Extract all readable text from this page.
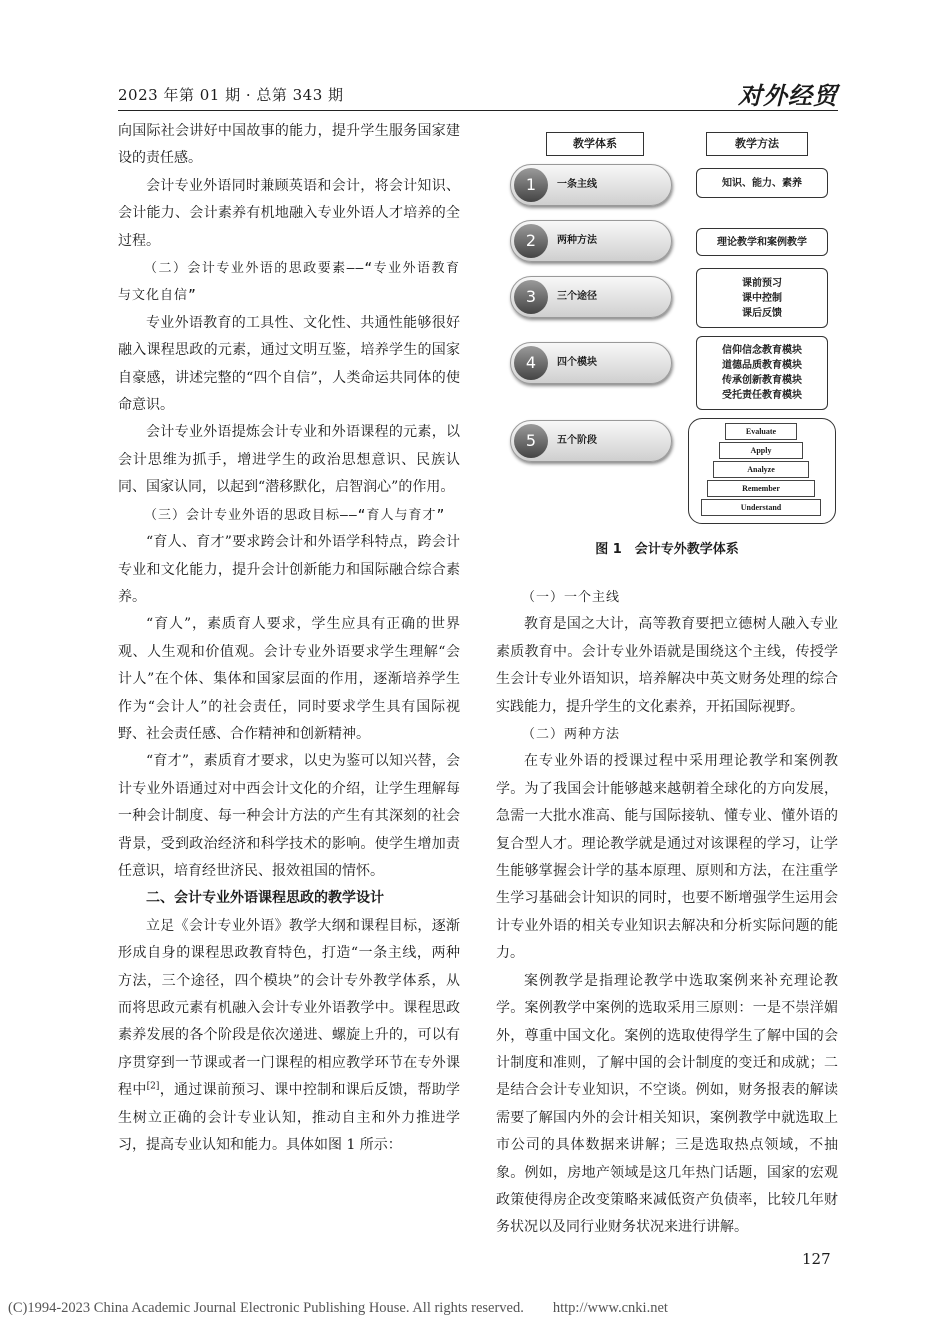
2023 年第 01 期 · 总第 343 期	对外经贸

向国际社会讲好中国故事的能力，提升学生服务国家建设的责任感。

会计专业外语同时兼顾英语和会计，将会计知识、会计能力、会计素养有机地融入专业外语人才培养的全过程。

（二）会计专业外语的思政要素——“专业外语教育与文化自信”

专业外语教育的工具性、文化性、共通性能够很好融入课程思政的元素，通过文明互鉴，培养学生的国家自豪感，讲述完整的“四个自信”，人类命运共同体的使命意识。

会计专业外语提炼会计专业和外语课程的元素，以会计思维为抓手，增进学生的政治思想意识、民族认同、国家认同，以起到“潜移默化，启智润心”的作用。

（三）会计专业外语的思政目标——“育人与育才”

“育人、育才”要求跨会计和外语学科特点，跨会计专业和文化能力，提升会计创新能力和国际融合综合素养。

“育人”，素质育人要求，学生应具有正确的世界观、人生观和价值观。会计专业外语要求学生理解“会计人”在个体、集体和国家层面的作用，逐渐培养学生作为“会计人”的社会责任，同时要求学生具有国际视野、社会责任感、合作精神和创新精神。

“育才”，素质育才要求，以史为鉴可以知兴替，会计专业外语通过对中西会计文化的介绍，让学生理解每一种会计制度、每一种会计方法的产生有其深刻的社会背景，受到政治经济和科学技术的影响。使学生增加责任意识，培育经世济民、报效祖国的情怀。

二、会计专业外语课程思政的教学设计

立足《会计专业外语》教学大纲和课程目标，逐渐形成自身的课程思政教育特色，打造“一条主线，两种方法，三个途径，四个模块”的会计专外教学体系，从而将思政元素有机融入会计专业外语教学中。课程思政素养发展的各个阶段是依次递进、螺旋上升的，可以有序贯穿到一节课或者一门课程的相应教学环节在专外课程中[2]，通过课前预习、课中控制和课后反馈，帮助学生树立正确的会计专业认知，推动自主和外力推进学习，提高专业认知和能力。具体如图 1 所示：

教学体系	教学方法
1	一条主线	知识、能力、素养
2	两种方法	理论教学和案例教学
3	三个途径
课前预习
课中控制
课后反馈
4	四个模块
信仰信念教育模块
道德品质教育模块
传承创新教育模块
受托责任教育模块
5	五个阶段
Evaluate
Apply
Analyze
Remember
Understand
图 1　会计专外教学体系

（一）一个主线

教育是国之大计，高等教育要把立德树人融入专业素质教育中。会计专业外语就是围绕这个主线，传授学生会计专业外语知识，培养解决中英文财务处理的综合实践能力，提升学生的文化素养，开拓国际视野。

（二）两种方法

在专业外语的授课过程中采用理论教学和案例教学。为了我国会计能够越来越朝着全球化的方向发展，急需一大批水准高、能与国际接轨、懂专业、懂外语的复合型人才。理论教学就是通过对该课程的学习，让学生能够掌握会计学的基本原理、原则和方法，在注重学生学习基础会计知识的同时，也要不断增强学生运用会计专业外语的相关专业知识去解决和分析实际问题的能力。

案例教学是指理论教学中选取案例来补充理论教学。案例教学中案例的选取采用三原则：一是不崇洋媚外，尊重中国文化。案例的选取使得学生了解中国的会计制度和准则，了解中国的会计制度的变迁和成就；二是结合会计专业知识，不空谈。例如，财务报表的解读需要了解国内外的会计相关知识，案例教学中就选取上市公司的具体数据来讲解；三是选取热点领域，不抽象。例如，房地产领域是这几年热门话题，国家的宏观政策使得房企改变策略来减低资产负债率，比较几年财务状况以及同行业财务状况来进行讲解。

127
(C)1994-2023 China Academic Journal Electronic Publishing House. All rights reserved.　　http://www.cnki.net
